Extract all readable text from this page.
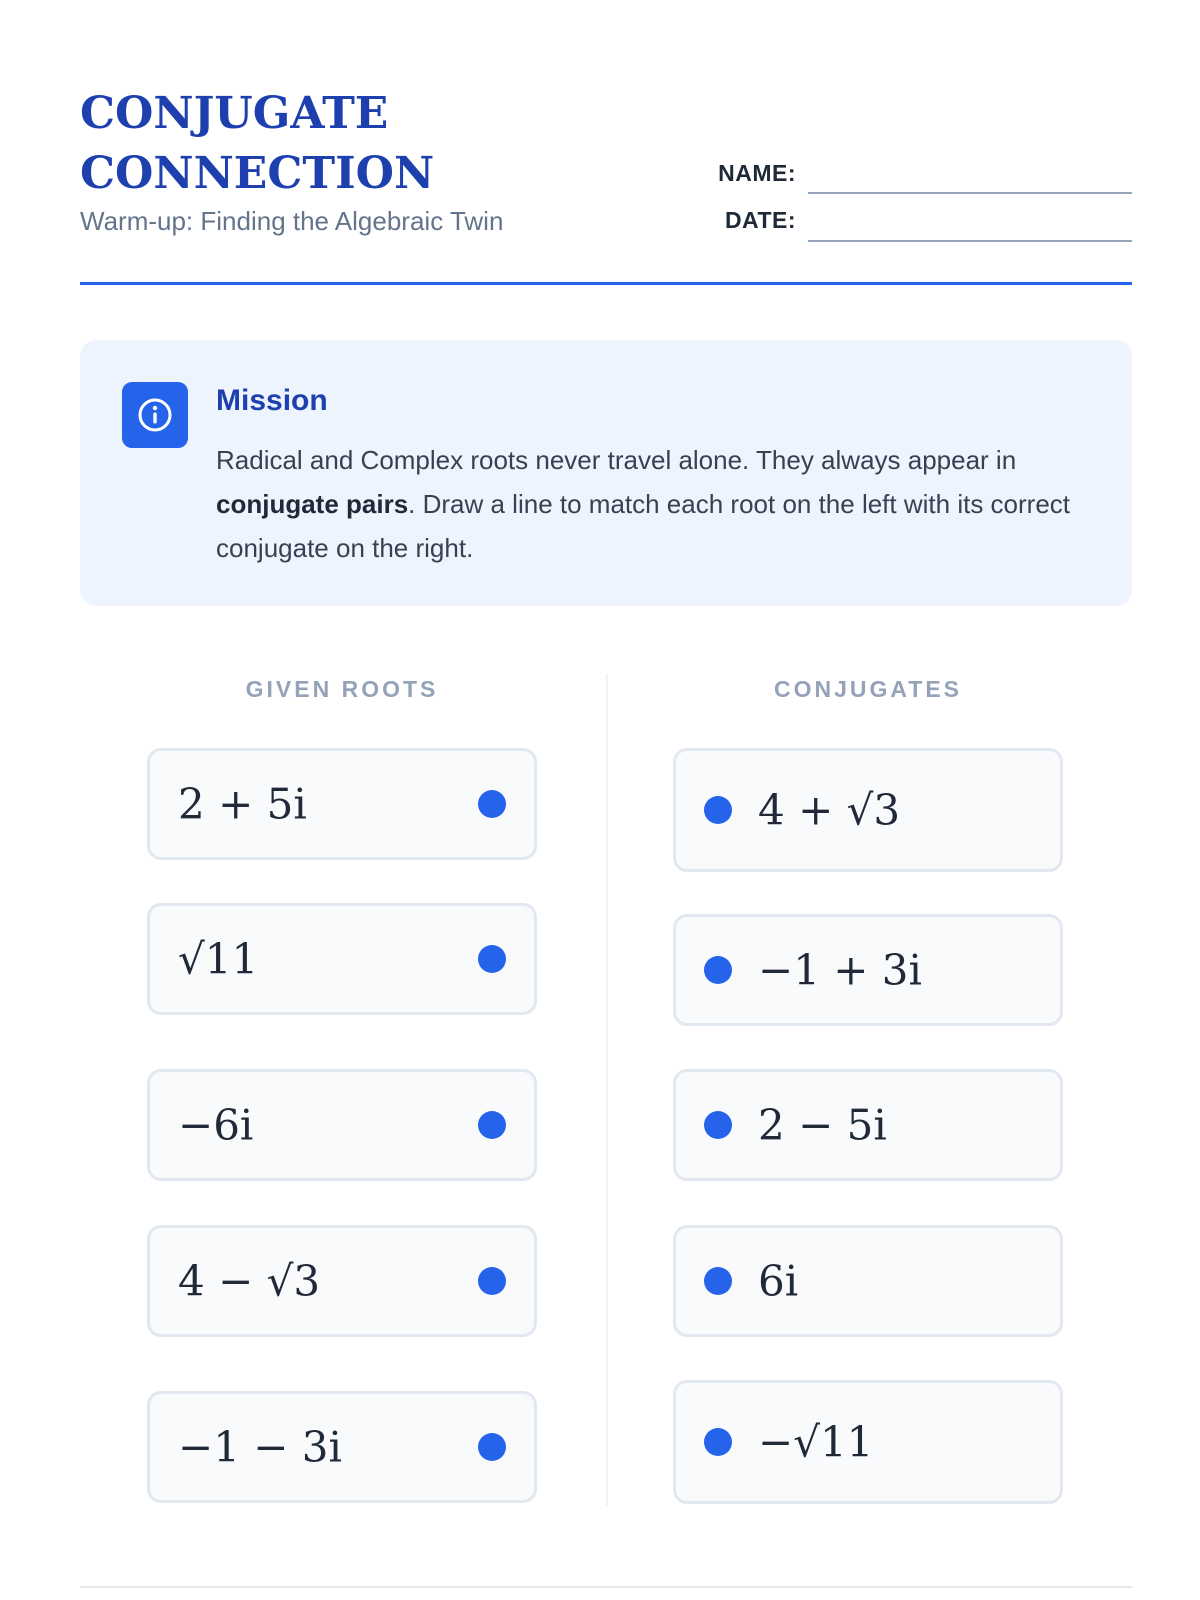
CONJUGATE
CONNECTION
Warm-up: Finding the Algebraic Twin
NAME:
DATE:
Mission

Radical and Complex roots never travel alone. They always appear in conjugate pairs. Draw a line to match each root on the left with its correct conjugate on the right.

GIVEN ROOTS	CONJUGATES
2 + 5i
√11
−6i
4 − √3
−1 − 3i
4 + √3
−1 + 3i
2 − 5i
6i
−√11
